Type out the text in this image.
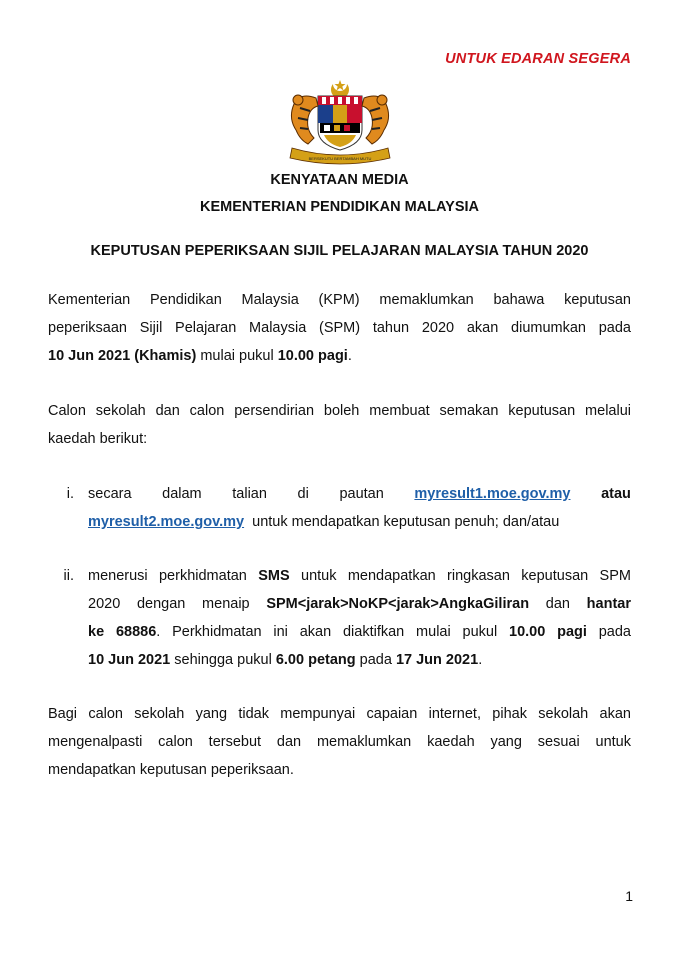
UNTUK EDARAN SEGERA
BERSEKUTU BERTAMBAH MUTU
KENYATAAN MEDIA
KEMENTERIAN PENDIDIKAN MALAYSIA
KEPUTUSAN PEPERIKSAAN SIJIL PELAJARAN MALAYSIA TAHUN 2020

Kementerian Pendidikan Malaysia (KPM) memaklumkan bahawa keputusan

peperiksaan Sijil Pelajaran Malaysia (SPM) tahun 2020 akan diumumkan pada

10 Jun 2021 (Khamis) mulai pukul 10.00 pagi.

Calon sekolah dan calon persendirian boleh membuat semakan keputusan melalui

kaedah berikut:

i. secara dalam talian di pautan myresult1.moe.gov.my atau
myresult2.moe.gov.my  untuk mendapatkan keputusan penuh; dan/atau
ii. menerusi perkhidmatan SMS untuk mendapatkan ringkasan keputusan SPM
2020 dengan menaip SPM<jarak>NoKP<jarak>AngkaGiliran dan hantar
ke 68886. Perkhidmatan ini akan diaktifkan mulai pukul 10.00 pagi pada
10 Jun 2021 sehingga pukul 6.00 petang pada 17 Jun 2021.

Bagi calon sekolah yang tidak mempunyai capaian internet, pihak sekolah akan

mengenalpasti calon tersebut dan memaklumkan kaedah yang sesuai untuk

mendapatkan keputusan peperiksaan.

1
